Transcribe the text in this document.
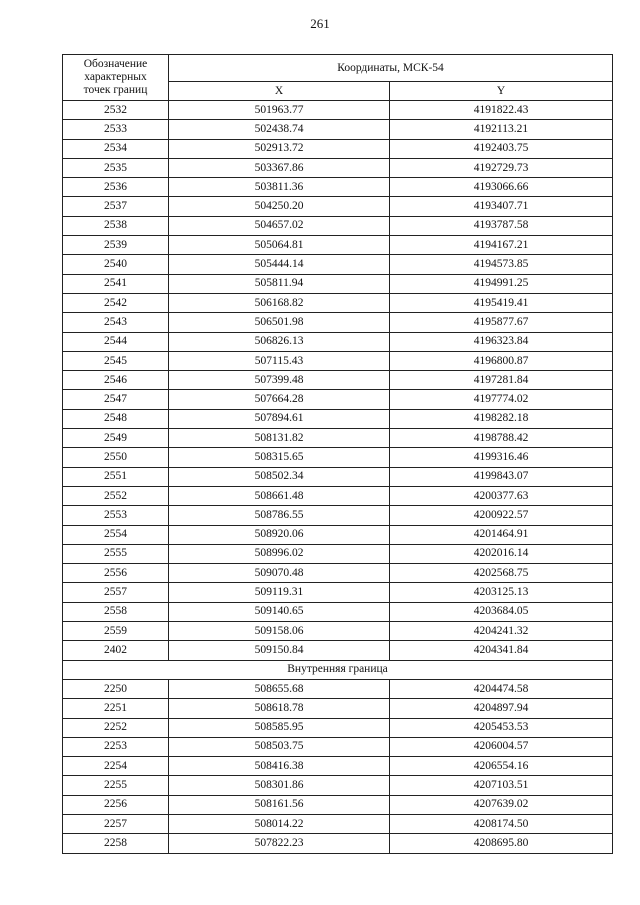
261
Обозначение
характерных
точек границ	Координаты, МСК-54	
	X	Y
2532	501963.77	4191822.43
2533	502438.74	4192113.21
2534	502913.72	4192403.75
2535	503367.86	4192729.73
2536	503811.36	4193066.66
2537	504250.20	4193407.71
2538	504657.02	4193787.58
2539	505064.81	4194167.21
2540	505444.14	4194573.85
2541	505811.94	4194991.25
2542	506168.82	4195419.41
2543	506501.98	4195877.67
2544	506826.13	4196323.84
2545	507115.43	4196800.87
2546	507399.48	4197281.84
2547	507664.28	4197774.02
2548	507894.61	4198282.18
2549	508131.82	4198788.42
2550	508315.65	4199316.46
2551	508502.34	4199843.07
2552	508661.48	4200377.63
2553	508786.55	4200922.57
2554	508920.06	4201464.91
2555	508996.02	4202016.14
2556	509070.48	4202568.75
2557	509119.31	4203125.13
2558	509140.65	4203684.05
2559	509158.06	4204241.32
2402	509150.84	4204341.84
Внутренняя граница		
2250	508655.68	4204474.58
2251	508618.78	4204897.94
2252	508585.95	4205453.53
2253	508503.75	4206004.57
2254	508416.38	4206554.16
2255	508301.86	4207103.51
2256	508161.56	4207639.02
2257	508014.22	4208174.50
2258	507822.23	4208695.80
